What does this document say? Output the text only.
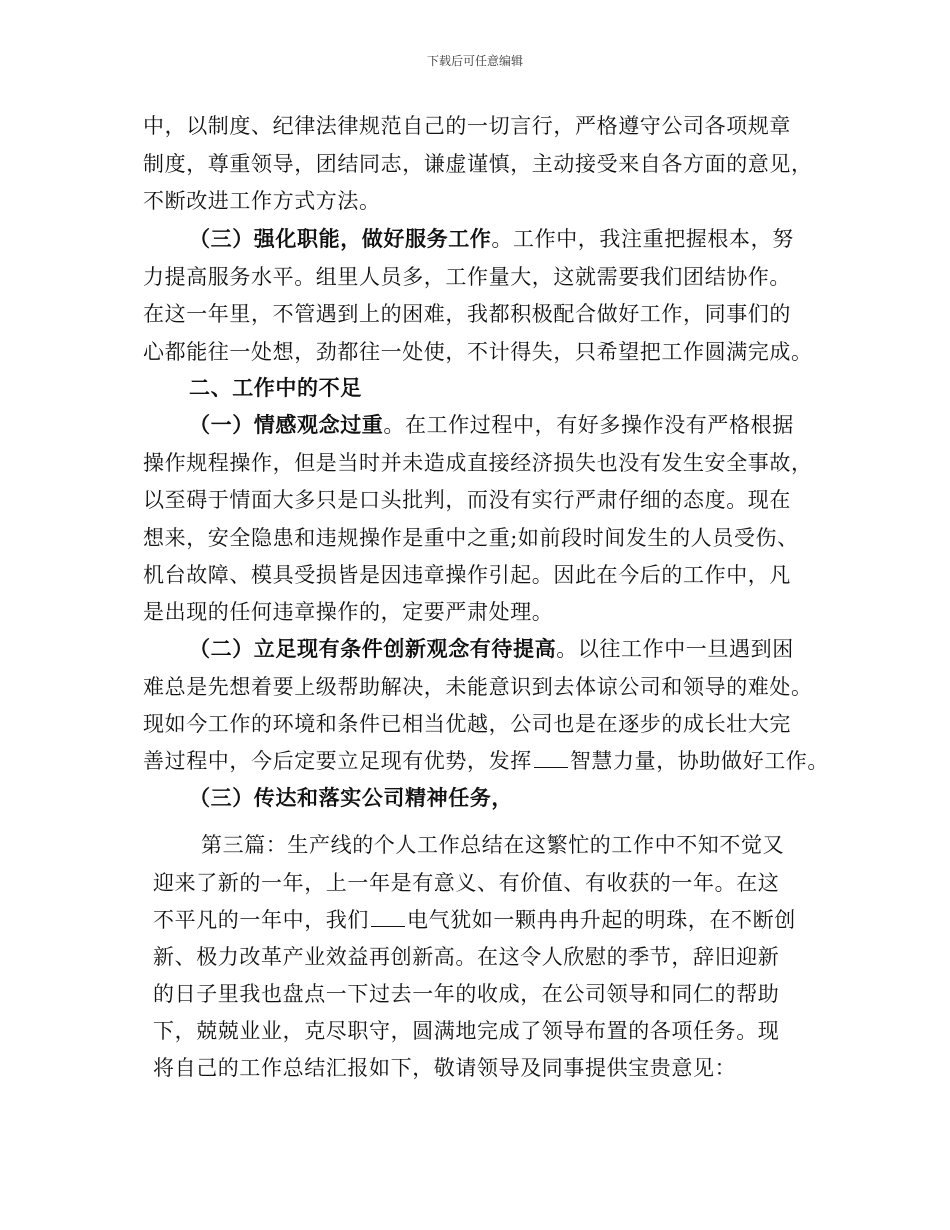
下载后可任意编辑
中，以制度、纪律法律规范自己的一切言行，严格遵守公司各项规章
制度，尊重领导，团结同志，谦虚谨慎，主动接受来自各方面的意见，
不断改进工作方式方法。
（三）强化职能，做好服务工作。工作中，我注重把握根本，努
力提高服务水平。组里人员多，工作量大，这就需要我们团结协作。
在这一年里，不管遇到上的困难，我都积极配合做好工作，同事们的
心都能往一处想，劲都往一处使，不计得失，只希望把工作圆满完成。
二、工作中的不足
（一）情感观念过重。在工作过程中，有好多操作没有严格根据
操作规程操作，但是当时并未造成直接经济损失也没有发生安全事故，
以至碍于情面大多只是口头批判，而没有实行严肃仔细的态度。现在
想来，安全隐患和违规操作是重中之重;如前段时间发生的人员受伤、
机台故障、模具受损皆是因违章操作引起。因此在今后的工作中，凡
是出现的任何违章操作的，定要严肃处理。
（二）立足现有条件创新观念有待提高。以往工作中一旦遇到困
难总是先想着要上级帮助解决，未能意识到去体谅公司和领导的难处。
现如今工作的环境和条件已相当优越，公司也是在逐步的成长壮大完
善过程中，今后定要立足现有优势，发挥 智慧力量，协助做好工作。
（三）传达和落实公司精神任务，
第三篇：生产线的个人工作总结在这繁忙的工作中不知不觉又
迎来了新的一年，上一年是有意义、有价值、有收获的一年。在这
不平凡的一年中，我们 电气犹如一颗冉冉升起的明珠，在不断创
新、极力改革产业效益再创新高。在这令人欣慰的季节，辞旧迎新
的日子里我也盘点一下过去一年的收成，在公司领导和同仁的帮助
下，兢兢业业，克尽职守，圆满地完成了领导布置的各项任务。现
将自己的工作总结汇报如下，敬请领导及同事提供宝贵意见：
